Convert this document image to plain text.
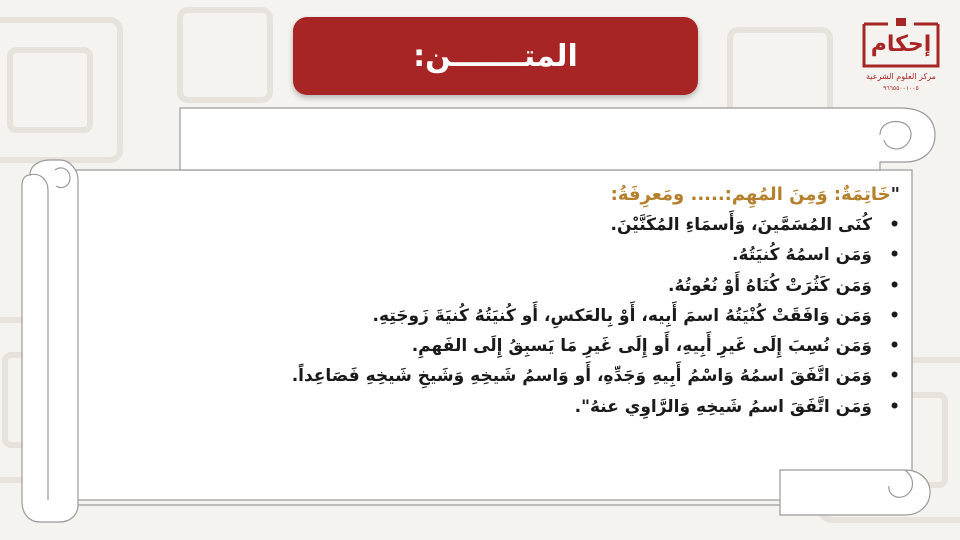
المتـــــــن:	إحكام
مركز العلوم الشرعية
٩٦٦٥٥٠٠١٠٠٥
"خَاتِمَةٌ: وَمِنَ المُهِم:..... ومَعرِفَةُ:
•
كُنَى المُسَمَّينَ، وَأَسمَاءِ المُكَنَّيْنَ.
•
وَمَن اسمُهُ كُنيَتُهُ.
•
وَمَن كَثُرَتْ كُنَاهُ أَوْ نُعُوتُهُ.
•
وَمَن وَافَقَتْ كُنْيَتُهُ اسمَ أَبِيه، أَوْ بِالعَكسِ، أَو كُنيَتُهُ كُنيَةَ زَوجَتِهِ.
•
وَمَن نُسِبَ إِلَى غَيرِ أَبِيهِ، أَو إِلَى غَيرِ مَا يَسبِقُ إِلَى الفَهمِ.
•
وَمَن اتَّفَقَ اسمُهُ وَاسْمُ أَبِيهِ وَجَدِّهِ، أَو وَاسمُ شَيخِهِ وَشَيخِ شَيخِهِ فَصَاعِداً.
•
وَمَن اتَّفَقَ اسمُ شَيخِهِ وَالرَّاوِي عنهُ".
